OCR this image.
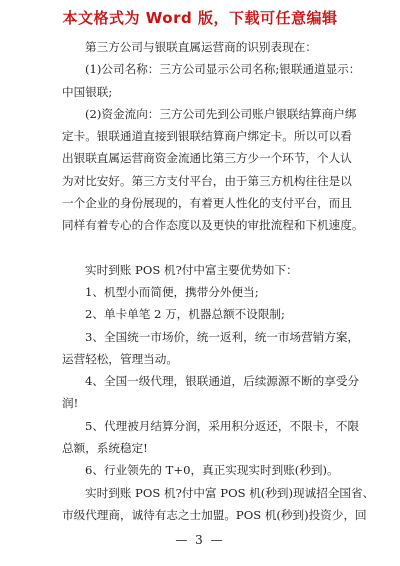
本文格式为 Word 版，下载可任意编辑
第三方公司与银联直属运营商的识别表现在：
(1)公司名称：三方公司显示公司名称;银联通道显示：
中国银联;
(2)资金流向：三方公司先到公司账户银联结算商户绑
定卡。银联通道直接到银联结算商户绑定卡。所以可以看
出银联直属运营商资金流通比第三方少一个环节，个人认
为对比安好。第三方支付平台，由于第三方机构往往是以
一个企业的身份展现的，有着更人性化的支付平台，而且
同样有着专心的合作态度以及更快的审批流程和下机速度。
实时到账 POS 机?付中富主要优势如下：
1、机型小而简便，携带分外便当;
2、单卡单笔 2 万，机器总额不设限制;
3、全国统一市场价，统一返利，统一市场营销方案，
运营轻松，管理当动。
4、全国一级代理，银联通道，后续源源不断的享受分
润!
5、代理被月结算分润，采用积分返还，不限卡，不限
总额，系统稳定!
6、行业领先的 T+0，真正实现实时到账(秒到)。
实时到账 POS 机?付中富 POS 机(秒到)现诚招全国省、
市级代理商，诚待有志之士加盟。POS 机(秒到)投资少，回
— 3 —
